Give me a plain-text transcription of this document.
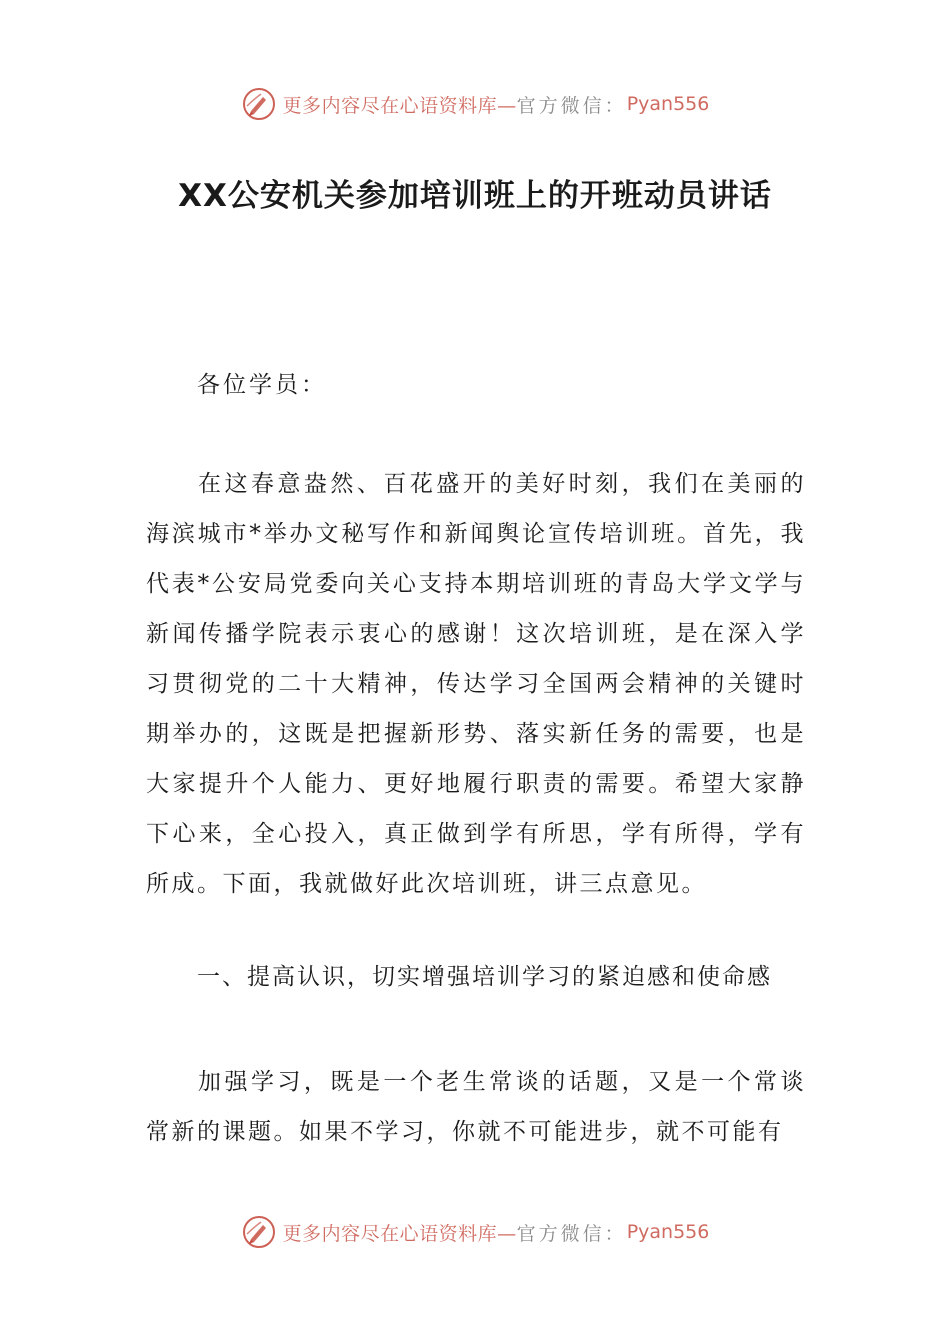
更多内容尽在心语资料库— 官方微信： Pyan556
XX公安机关参加培训班上的开班动员讲话

各位学员：

在这春意盎然、百花盛开的美好时刻，我们在美丽的海滨城市*举办文秘写作和新闻舆论宣传培训班。首先，我代表*公安局党委向关心支持本期培训班的青岛大学文学与新闻传播学院表示衷心的感谢！这次培训班，是在深入学习贯彻党的二十大精神，传达学习全国两会精神的关键时期举办的，这既是把握新形势、落实新任务的需要，也是大家提升个人能力、更好地履行职责的需要。希望大家静下心来，全心投入，真正做到学有所思，学有所得，学有所成。下面，我就做好此次培训班，讲三点意见。

一、提高认识，切实增强培训学习的紧迫感和使命感

加强学习，既是一个老生常谈的话题，又是一个常谈常新的课题。如果不学习，你就不可能进步，就不可能有

更多内容尽在心语资料库— 官方微信： Pyan556
